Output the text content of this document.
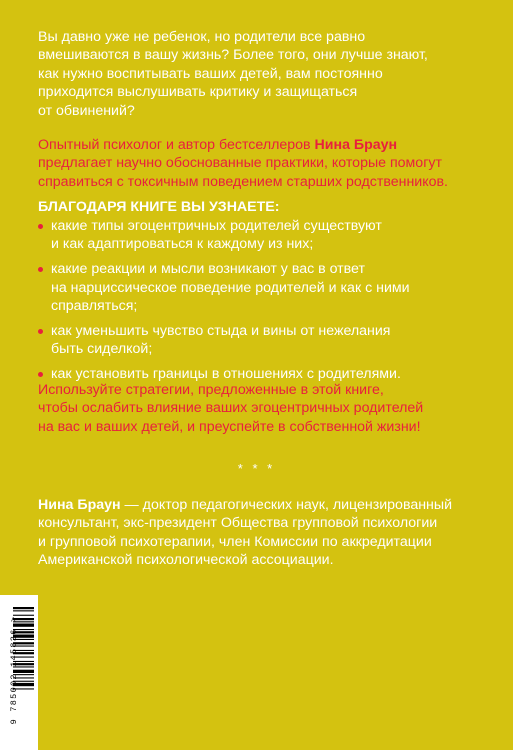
Вы давно уже не ребенок, но родители все равно
вмешиваются в вашу жизнь? Более того, они лучше знают,
как нужно воспитывать ваших детей, вам постоянно
приходится выслушивать критику и защищаться
от обвинений?

Опытный психолог и автор бестселлеров Нина Браун
предлагает научно обоснованные практики, которые помогут
справиться с токсичным поведением старших родственников.

БЛАГОДАРЯ КНИГЕ ВЫ УЗНАЕТЕ:

какие типы эгоцентричных родителей существуют
и как адаптироваться к каждому из них;
какие реакции и мысли возникают у вас в ответ
на нарциссическое поведение родителей и как с ними
справляться;
как уменьшить чувство стыда и вины от нежелания
быть сиделкой;
как установить границы в отношениях с родителями.

Используйте стратегии, предложенные в этой книге,
чтобы ослабить влияние ваших эгоцентричных родителей
на вас и ваших детей, и преуспейте в собственной жизни!

* * *

Нина Браун — доктор педагогических наук, лицензированный
консультант, экс-президент Общества групповой психологии
и групповой психотерапии, член Комиссии по аккредитации
Американской психологической ассоциации.

9 785002 145836 >
